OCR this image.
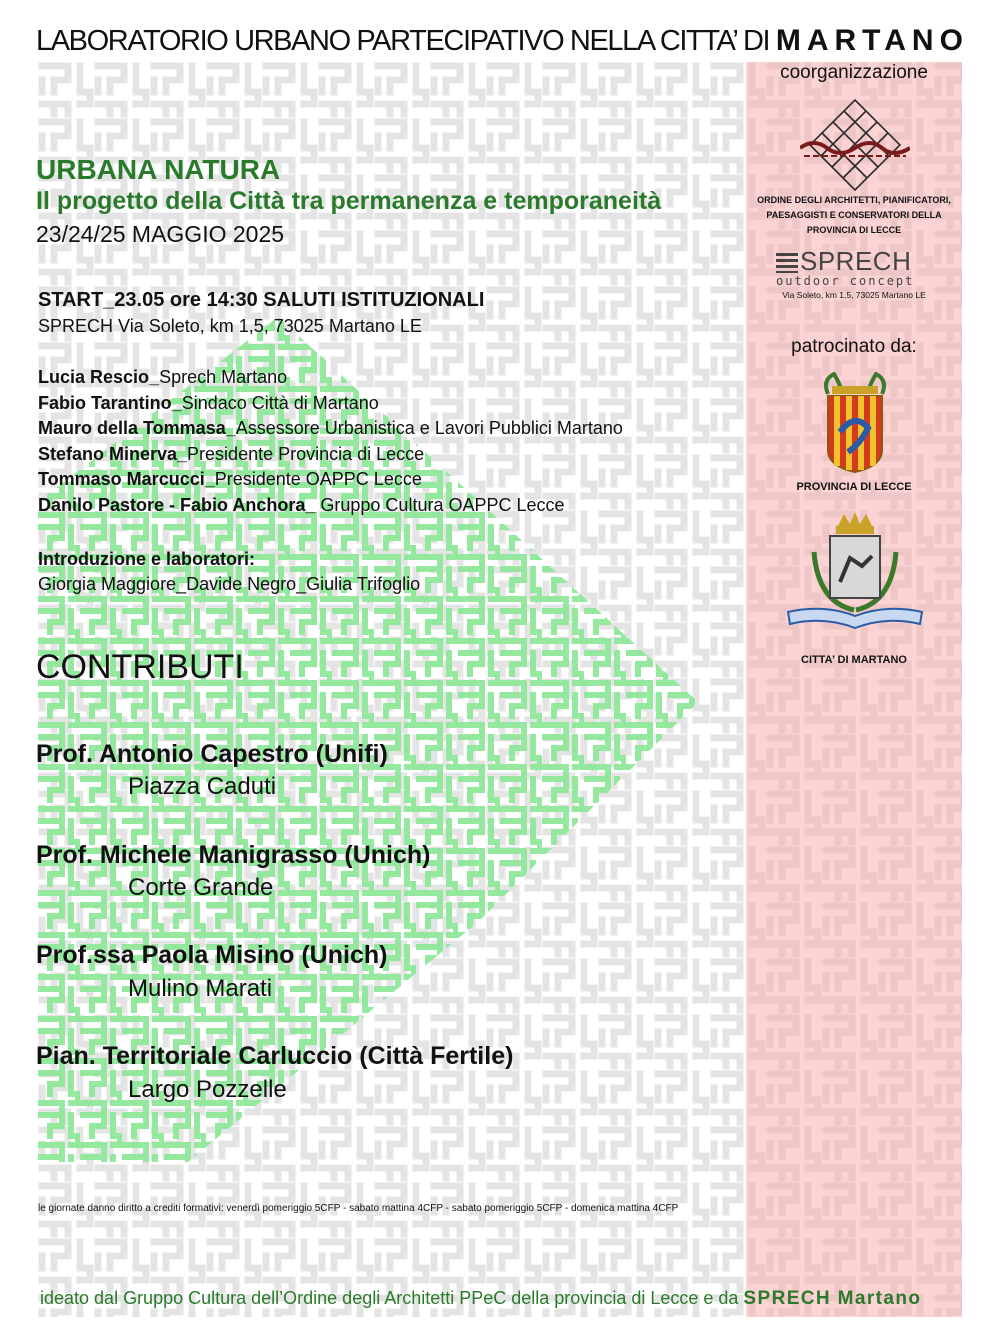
LABORATORIO URBANO PARTECIPATIVO NELLA CITTA’ DI MARTANO
URBANA NATURA
Il progetto della Città tra permanenza e temporaneità
23/24/25 MAGGIO 2025
START_23.05 ore 14:30 SALUTI ISTITUZIONALI
SPRECH Via Soleto, km 1,5, 73025 Martano LE
Lucia Rescio_Sprech Martano
Fabio Tarantino_Sindaco Città di Martano
Mauro della Tommasa_Assessore Urbanistica e Lavori Pubblici Martano
Stefano Minerva_Presidente Provincia di Lecce
Tommaso Marcucci_Presidente OAPPC Lecce
Danilo Pastore - Fabio Anchora_ Gruppo Cultura OAPPC Lecce
Introduzione e laboratori:
Giorgia Maggiore_Davide Negro_Giulia Trifoglio
CONTRIBUTI
Prof. Antonio Capestro (Unifi)
Piazza Caduti
Prof. Michele Manigrasso (Unich)
Corte Grande
Prof.ssa Paola Misino (Unich)
Mulino Marati
Pian. Territoriale Carluccio (Città Fertile)
Largo Pozzelle
le giornate danno diritto a crediti formativi: venerdì pomeriggio 5CFP - sabato mattina 4CFP - sabato pomeriggio 5CFP - domenica mattina 4CFP
ideato dal Gruppo Cultura dell’Ordine degli Architetti PPeC della provincia di Lecce e da SPRECH Martano
coorganizzazione
ORDINE DEGLI ARCHITETTI, PIANIFICATORI, PAESAGGISTI E CONSERVATORI DELLA PROVINCIA DI LECCE
SPRECH
outdoor concept
Via Soleto, km 1,5, 73025 Martano LE
patrocinato da:
PROVINCIA DI LECCE
CITTA’ DI MARTANO
